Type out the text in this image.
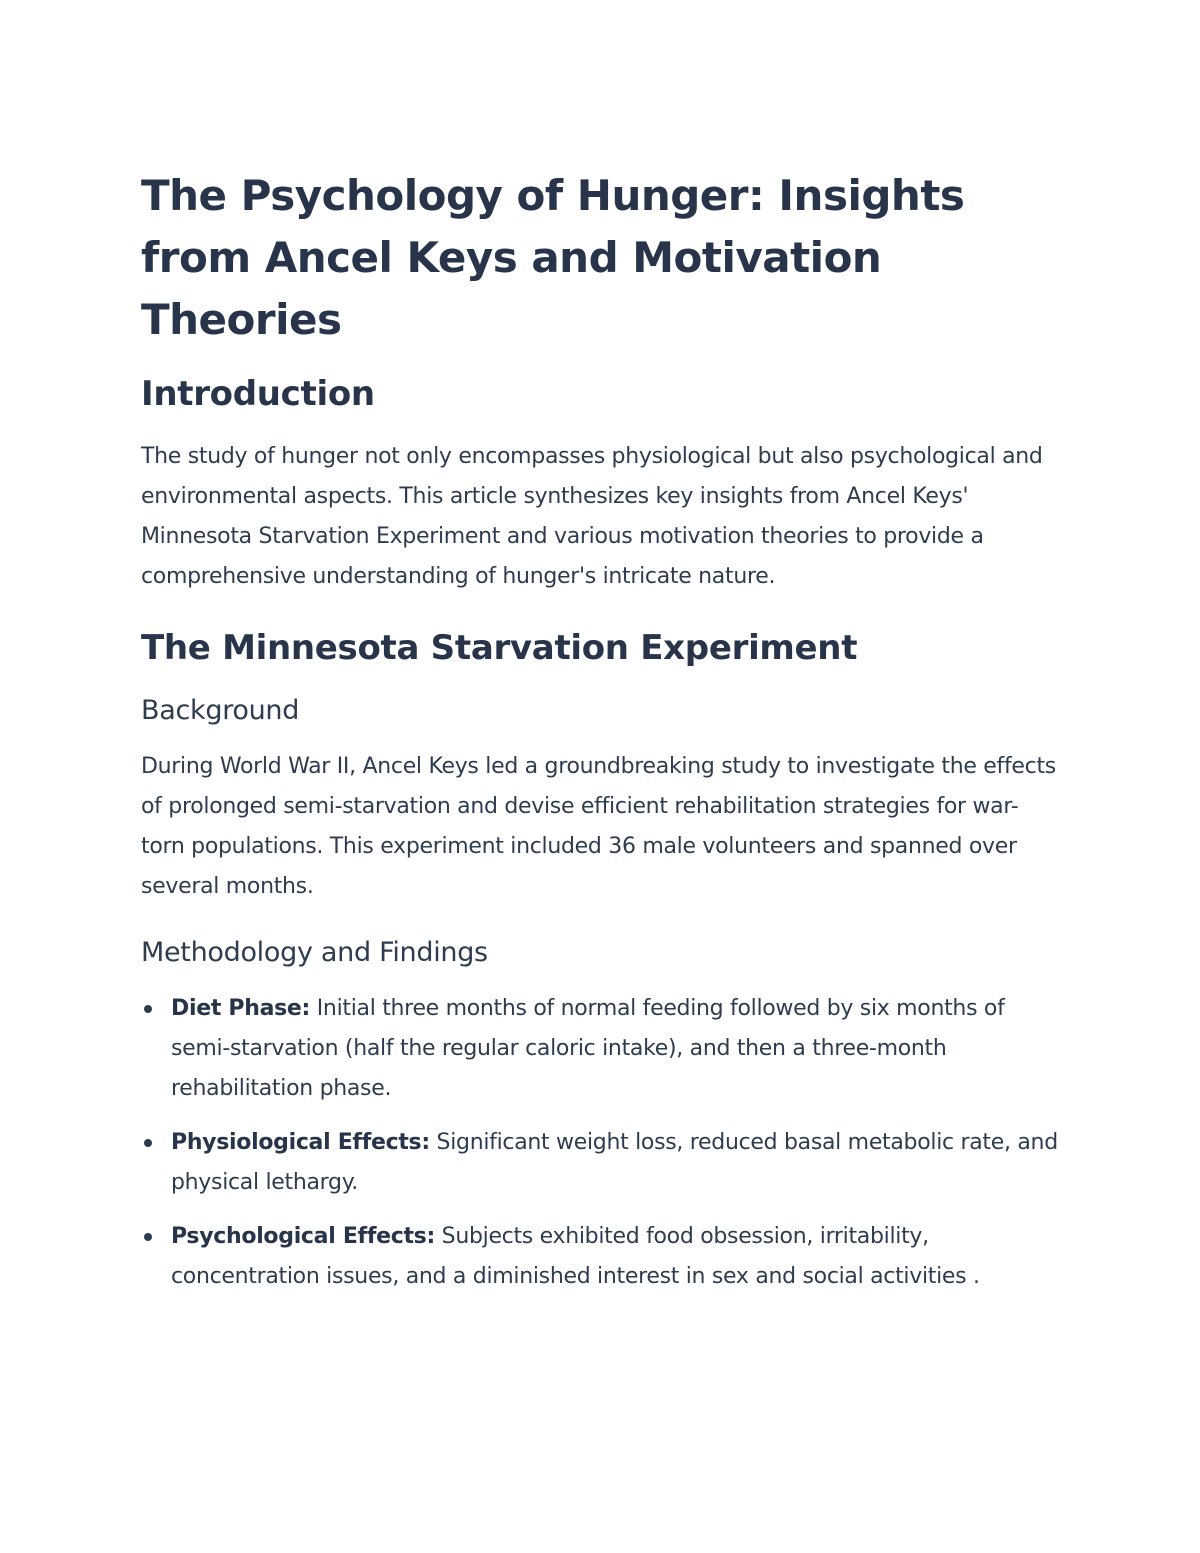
The Psychology of Hunger: Insights from Ancel Keys and Motivation Theories
Introduction

The study of hunger not only encompasses physiological but also psychological and environmental aspects. This article synthesizes key insights from Ancel Keys' Minnesota Starvation Experiment and various motivation theories to provide a comprehensive understanding of hunger's intricate nature.

The Minnesota Starvation Experiment
Background

During World War II, Ancel Keys led a groundbreaking study to investigate the effects of prolonged semi-starvation and devise efficient rehabilitation strategies for war-torn populations. This experiment included 36 male volunteers and spanned over several months.

Methodology and Findings
Diet Phase: Initial three months of normal feeding followed by six months of semi-starvation (half the regular caloric intake), and then a three-month rehabilitation phase.
Physiological Effects: Significant weight loss, reduced basal metabolic rate, and physical lethargy.
Psychological Effects: Subjects exhibited food obsession, irritability, concentration issues, and a diminished interest in sex and social activities .
